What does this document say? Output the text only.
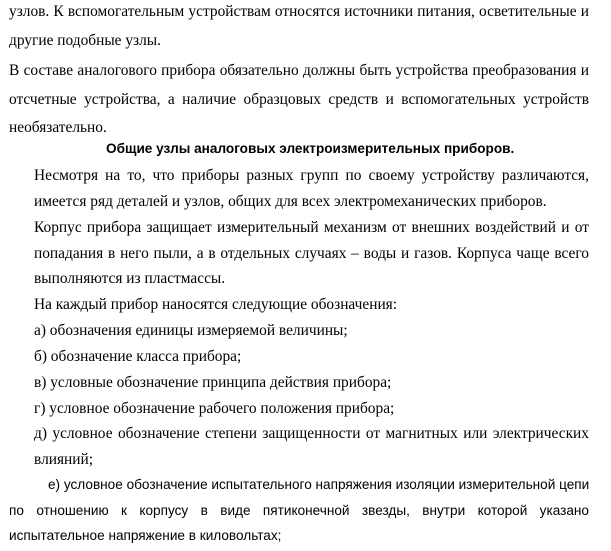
узлов. К вспомогательным устройствам относятся источники питания, осветительные и
другие подобные узлы.
В составе аналогового прибора обязательно должны быть устройства преобразования и
отсчетные устройства, а наличие образцовых средств и вспомогательных устройств
необязательно.
Общие узлы аналоговых электроизмерительных приборов.
Несмотря на то, что приборы разных групп по своему устройству различаются,
имеется ряд деталей и узлов, общих для всех электромеханических приборов.
Корпус прибора защищает измерительный механизм от внешних воздействий и от
попадания в него пыли, а в отдельных случаях – воды и газов. Корпуса чаще всего
выполняются из пластмассы.
На каждый прибор наносятся следующие обозначения:
а) обозначения единицы измеряемой величины;
б) обозначение класса прибора;
в) условные обозначение принципа действия прибора;
г) условное обозначение рабочего положения прибора;
д) условное обозначение степени защищенности от магнитных или электрических
влияний;
е) условное обозначение испытательного напряжения изоляции измерительной цепи
по отношению к корпусу в виде пятиконечной звезды, внутри которой указано
испытательное напряжение в киловольтах;
